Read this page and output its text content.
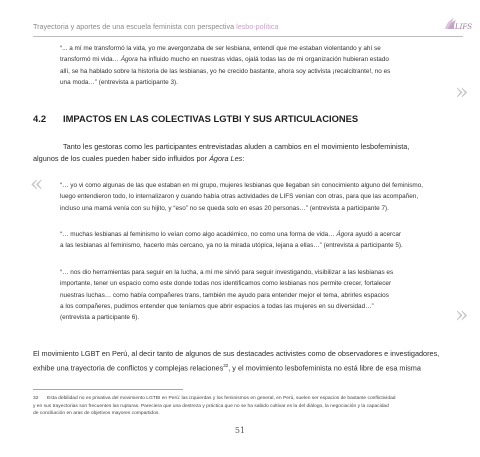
Trayectoria y aportes de una escuela feminista con perspectiva lesbo-política	LIFS

“... a mí me transformó la vida, yo me avergonzaba de ser lesbiana, entendí que me estaban violentando y ahí se

transformó mi vida… Ágora ha influido mucho en nuestras vidas, ojalá todas las de mi organización hubieran estado

allí, se ha hablado sobre la historia de las lesbianas, yo he crecido bastante, ahora soy activista ¡recalcitrante!, no es

una moda…” (entrevista a participante 3).	»
4.2 IMPACTOS EN LAS COLECTIVAS LGTBI Y SUS ARTICULACIONES

Tanto les gestoras como les participantes entrevistadas aluden a cambios en el movimiento lesbofeminista,

algunos de los cuales pueden haber sido influidos por Ágora Les:

«	“… yo vi como algunas de las que estaban en mi grupo, mujeres lesbianas que llegaban sin conocimiento alguno del feminismo,

luego entendieron todo, lo internalizaron y cuando había otras actividades de LIFS venían con otras, para que las acompañen,

incluso una mamá venía con su hijito, y “eso” no se queda solo en esas 20 personas…” (entrevista a participante 7).

“… muchas lesbianas al feminismo lo veían como algo académico, no como una forma de vida… Ágora ayudó a acercar

a las lesbianas al feminismo, hacerlo más cercano, ya no la mirada utópica, lejana a ellas…” (entrevista a participante 5).

“… nos dio herramientas para seguir en la lucha, a mí me sirvió para seguir investigando, visibilizar a las lesbianas es

importante, tener un espacio como este donde todas nos identificamos como lesbianas nos permite crecer, fortalecer

nuestras luchas… como había compañeres trans, también me ayudo para entender mejor el tema, abrirles espacios

a los compañeres, pudimos entender que teníamos que abrir espacios a todas las mujeres en su diversidad…”

(entrevista a participante 6).	»

El movimiento LGBT en Perú, al decir tanto de algunos de sus destacades activistes como de observadores e investigadores,

exhibe una trayectoria de conflictos y complejas relaciones$^{32}$, y el movimiento lesbofeminista no está libre de esa misma

32 Esta debilidad no es privativa del movimiento LGTBI en Perú: las izquierdas y los feminismos en general, en Perú, suelen ser espacios de bastante conflictividad
y en sus trayectorias son frecuentes las rupturas. Pareciera que una destreza y práctica que no se ha sabido cultivar es la del diálogo, la negociación y la capacidad
de conciliación en aras de objetivos mayores compartidos.
51
